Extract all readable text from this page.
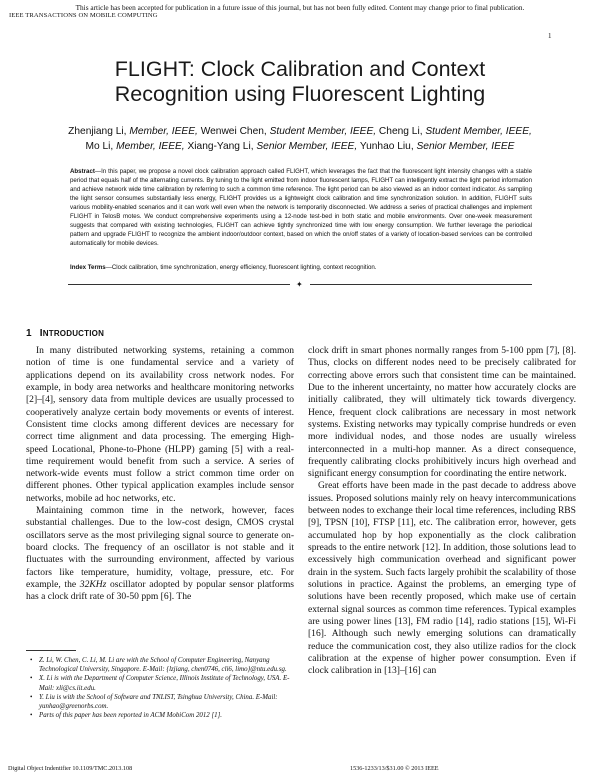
This article has been accepted for publication in a future issue of this journal, but has not been fully edited. Content may change prior to final publication.
IEEE TRANSACTIONS ON MOBILE COMPUTING
1
FLIGHT: Clock Calibration and Context
Recognition using Fluorescent Lighting
Zhenjiang Li, Member, IEEE, Wenwei Chen, Student Member, IEEE, Cheng Li, Student Member, IEEE,
Mo Li, Member, IEEE, Xiang-Yang Li, Senior Member, IEEE, Yunhao Liu, Senior Member, IEEE
Abstract—In this paper, we propose a novel clock calibration approach called FLIGHT, which leverages the fact that the fluorescent light intensity changes with a stable period that equals half of the alternating currents. By tuning to the light emitted from indoor fluorescent lamps, FLIGHT can intelligently extract the light period information and achieve network wide time calibration by referring to such a common time reference. The light period can be also viewed as an indoor context indicator. As sampling the light sensor consumes substantially less energy, FLIGHT provides us a lightweight clock calibration and time synchronization solution. In addition, FLIGHT suits various mobility-enabled scenarios and it can work well even when the network is temporarily disconnected. We address a series of practical challenges and implement FLIGHT in TelosB motes. We conduct comprehensive experiments using a 12-node test-bed in both static and mobile environments. Over one-week measurement suggests that compared with existing technologies, FLIGHT can achieve tightly synchronized time with low energy consumption. We further leverage the periodical pattern and upgrade FLIGHT to recognize the ambient indoor/outdoor context, based on which the on/off states of a variety of location-based services can be controlled automatically for mobile devices.
Index Terms—Clock calibration, time synchronization, energy efficiency, fluorescent lighting, context recognition.
✦
1 INTRODUCTION

In many distributed networking systems, retaining a common notion of time is one fundamental service and a variety of applications depend on its availability cross network nodes. For example, in body area networks and healthcare monitoring networks [2]–[4], sensory data from multiple devices are usually processed to cooperatively analyze certain body movements or events of interest. Consistent time clocks among different devices are necessary for correct time alignment and data processing. The emerging High-speed Locational, Phone-to-Phone (HLPP) gaming [5] with a real-time requirement would benefit from such a service. A series of network-wide events must follow a strict common time order on different phones. Other typical application examples include sensor networks, mobile ad hoc networks, etc.

Maintaining common time in the network, however, faces substantial challenges. Due to the low-cost design, CMOS crystal oscillators serve as the most privileging signal source to generate on-board clocks. The frequency of an oscillator is not stable and it fluctuates with the surrounding environment, affected by various factors like temperature, humidity, voltage, pressure, etc. For example, the 32KHz oscillator adopted by popular sensor platforms has a clock drift rate of 30-50 ppm [6]. The

• Z. Li, W. Chen, C. Li, M. Li are with the School of Computer Engineering, Nanyang Technological University, Singapore. E-Mail: {lzjiang, chen0746, cli6, limo}@ntu.edu.sg.

• X. Li is with the Department of Computer Science, Illinois Institute of Technology, USA. E-Mail: xli@cs.iit.edu.

• Y. Liu is with the School of Software and TNLIST, Tsinghua University, China. E-Mail: yunhao@greenorbs.com.

• Parts of this paper has been reported in ACM MobiCom 2012 [1].

clock drift in smart phones normally ranges from 5-100 ppm [7], [8]. Thus, clocks on different nodes need to be precisely calibrated for correcting above errors such that consistent time can be maintained. Due to the inherent uncertainty, no matter how accurately clocks are initially calibrated, they will ultimately tick towards divergency. Hence, frequent clock calibrations are necessary in most network systems. Existing networks may typically comprise hundreds or even more individual nodes, and those nodes are usually wireless interconnected in a multi-hop manner. As a direct consequence, frequently calibrating clocks prohibitively incurs high overhead and significant energy consumption for coordinating the entire network.

Great efforts have been made in the past decade to address above issues. Proposed solutions mainly rely on heavy intercommunications between nodes to exchange their local time references, including RBS [9], TPSN [10], FTSP [11], etc. The calibration error, however, gets accumulated hop by hop exponentially as the clock calibration spreads to the entire network [12]. In addition, those solutions lead to excessively high communication overhead and significant power drain in the system. Such facts largely prohibit the scalability of those solutions in practice. Against the problems, an emerging type of solutions have been recently proposed, which make use of certain external signal sources as common time references. Typical examples are using power lines [13], FM radio [14], radio stations [15], Wi-Fi [16]. Although such newly emerging solutions can dramatically reduce the communication cost, they also utilize radios for the clock calibration at the expense of higher power consumption. Even if clock calibration in [13]–[16] can

Digital Object Indentifier 10.1109/TMC.2013.108	1536-1233/13/$31.00 © 2013 IEEE
